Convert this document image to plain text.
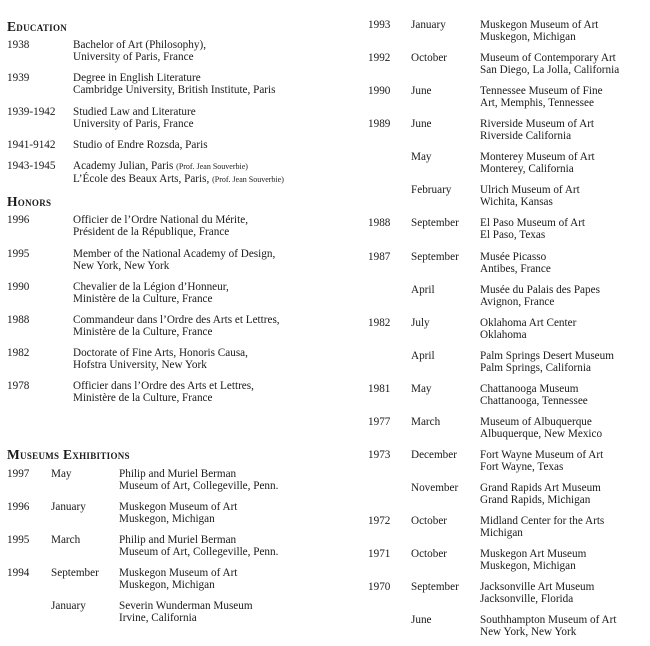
Education
1938	Bachelor of Art (Philosophy),
University of Paris, France
1939	Degree in English Literature
Cambridge University, British Institute, Paris
1939-1942 Studied Law and Literature
University of Paris, France
1941-9142 Studio of Endre Rozsda, Paris
1943-1945 Academy Julian, Paris (Prof. Jean Souverbie)
L’École des Beaux Arts, Paris, (Prof. Jean Souverbie)
Honors
1996	Officier de l’Ordre National du Mérite,
Président de la République, France
1995	Member of the National Academy of Design,
New York, New York
1990	Chevalier de la Légion d’Honneur,
Ministère de la Culture, France
1988	Commandeur dans l’Ordre des Arts et Lettres,
Ministère de la Culture, France
1982	Doctorate of Fine Arts, Honoris Causa,
Hofstra University, New York
1978	Officier dans l’Ordre des Arts et Lettres,
Ministère de la Culture, France
Museums Exhibitions
1997 May	Philip and Muriel Berman
Museum of Art, Collegeville, Penn.
1996 January	Muskegon Museum of Art
Muskegon, Michigan
1995 March	Philip and Muriel Berman
Museum of Art, Collegeville, Penn.
1994 September Muskegon Museum of Art
Muskegon, Michigan
January	Severin Wunderman Museum
Irvine, California
1993 January	Muskegon Museum of Art
Muskegon, Michigan
1992 October	Museum of Contemporary Art
San Diego, La Jolla, California
1990 June	Tennessee Museum of Fine
Art, Memphis, Tennessee
1989 June	Riverside Museum of Art
Riverside California
May	Monterey Museum of Art
Monterey, California
February	Ulrich Museum of Art
Wichita, Kansas
1988 September El Paso Museum of Art
El Paso, Texas
1987 September Musée Picasso
Antibes, France
April	Musée du Palais des Papes
Avignon, France
1982 July	Oklahoma Art Center
Oklahoma
April	Palm Springs Desert Museum
Palm Springs, California
1981 May	Chattanooga Museum
Chattanooga, Tennessee
1977 March	Museum of Albuquerque
Albuquerque, New Mexico
1973 December Fort Wayne Museum of Art
Fort Wayne, Texas
November Grand Rapids Art Museum
Grand Rapids, Michigan
1972 October	Midland Center for the Arts
Michigan
1971 October	Muskegon Art Museum
Muskegon, Michigan
1970 September Jacksonville Art Museum
Jacksonville, Florida
June	Southhampton Museum of Art
New York, New York
